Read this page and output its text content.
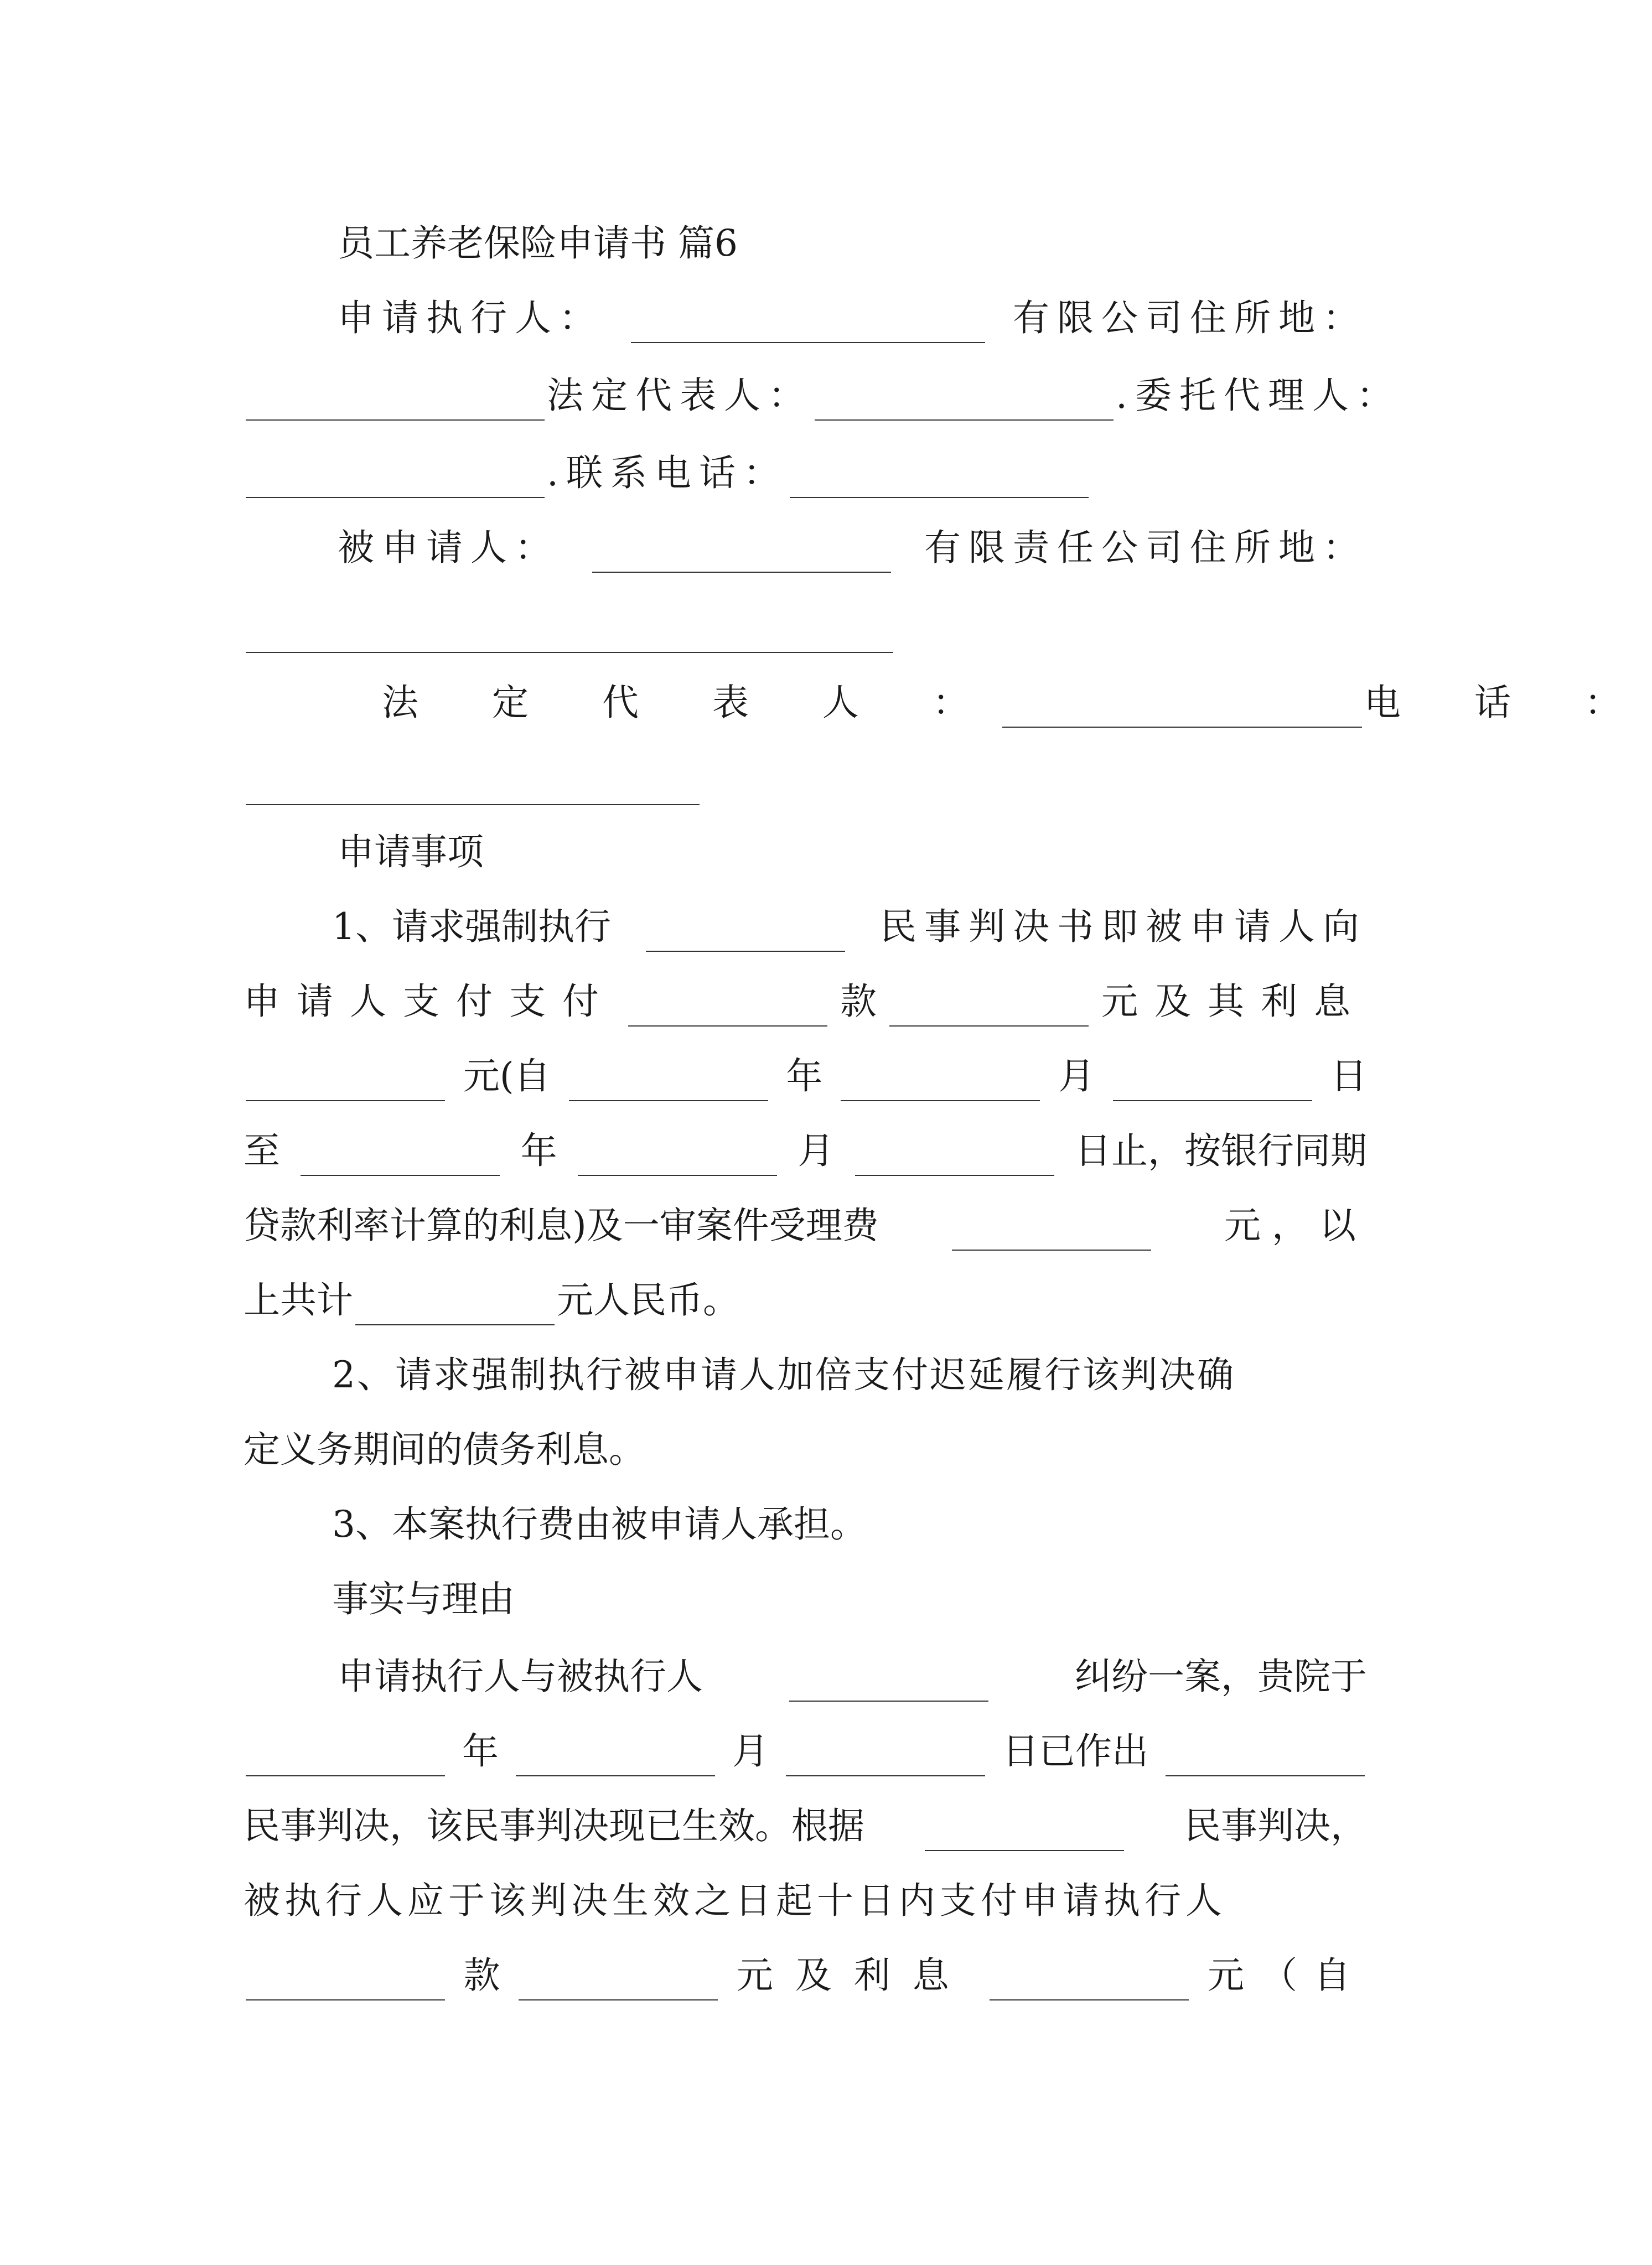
员工养老保险申请书 篇6
申请执行人：	有限公司住所地：
法定代表人：	.委托代理人：
.联系电话：
被申请人：	有限责任公司住所地：
法 定 代 表 人 ：	电 话 ：
申请事项
1、请求强制执行	民事判决书即被申请人向
申请人支付支付	款	元及其利息
元(自	年	月	日
至	年	月	日止，按银行同期
贷款利率计算的利息)及一审案件受理费	元，以
上共计	元人民币。
2、请求强制执行被申请人加倍支付迟延履行该判决确
定义务期间的债务利息。
3、本案执行费由被申请人承担。
事实与理由
申请执行人与被执行人	纠纷一案，贵院于
年	月	日已作出
民事判决，该民事判决现已生效。根据	民事判决，
被执行人应于该判决生效之日起十日内支付申请执行人
款	元及利息	元（自
